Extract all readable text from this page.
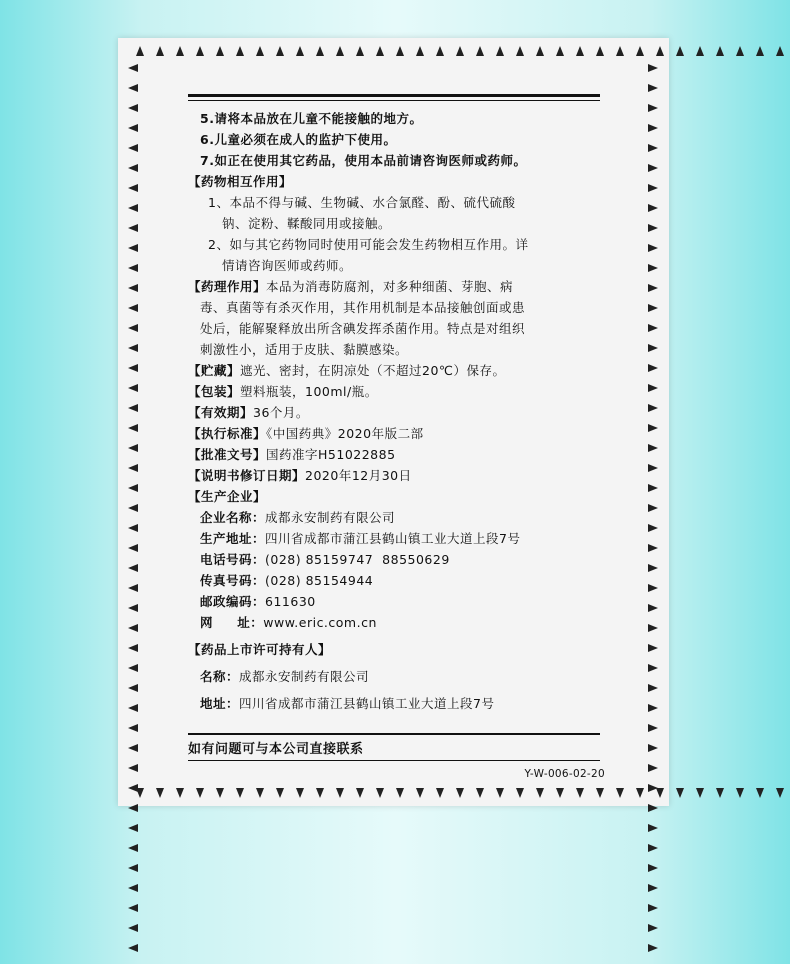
5.请将本品放在儿童不能接触的地方。
6.儿童必须在成人的监护下使用。
7.如正在使用其它药品，使用本品前请咨询医师或药师。
【药物相互作用】
1、本品不得与碱、生物碱、水合氯醛、酚、硫代硫酸
钠、淀粉、鞣酸同用或接触。
2、如与其它药物同时使用可能会发生药物相互作用。详
情请咨询医师或药师。
【药理作用】本品为消毒防腐剂，对多种细菌、芽胞、病
毒、真菌等有杀灭作用，其作用机制是本品接触创面或患
处后，能解聚释放出所含碘发挥杀菌作用。特点是对组织
刺激性小，适用于皮肤、黏膜感染。
【贮藏】遮光、密封，在阴凉处（不超过20℃）保存。
【包装】塑料瓶装，100ml/瓶。
【有效期】36个月。
【执行标准】《中国药典》2020年版二部
【批准文号】国药准字H51022885
【说明书修订日期】2020年12月30日
【生产企业】
企业名称： 成都永安制药有限公司
生产地址： 四川省成都市蒲江县鹤山镇工业大道上段7号
电话号码： (028) 85159747  88550629
传真号码： (028) 85154944
邮政编码： 611630
网     址： www.eric.com.cn
【药品上市许可持有人】
名称： 成都永安制药有限公司
地址： 四川省成都市蒲江县鹤山镇工业大道上段7号
如有问题可与本公司直接联系
Y-W-006-02-20
